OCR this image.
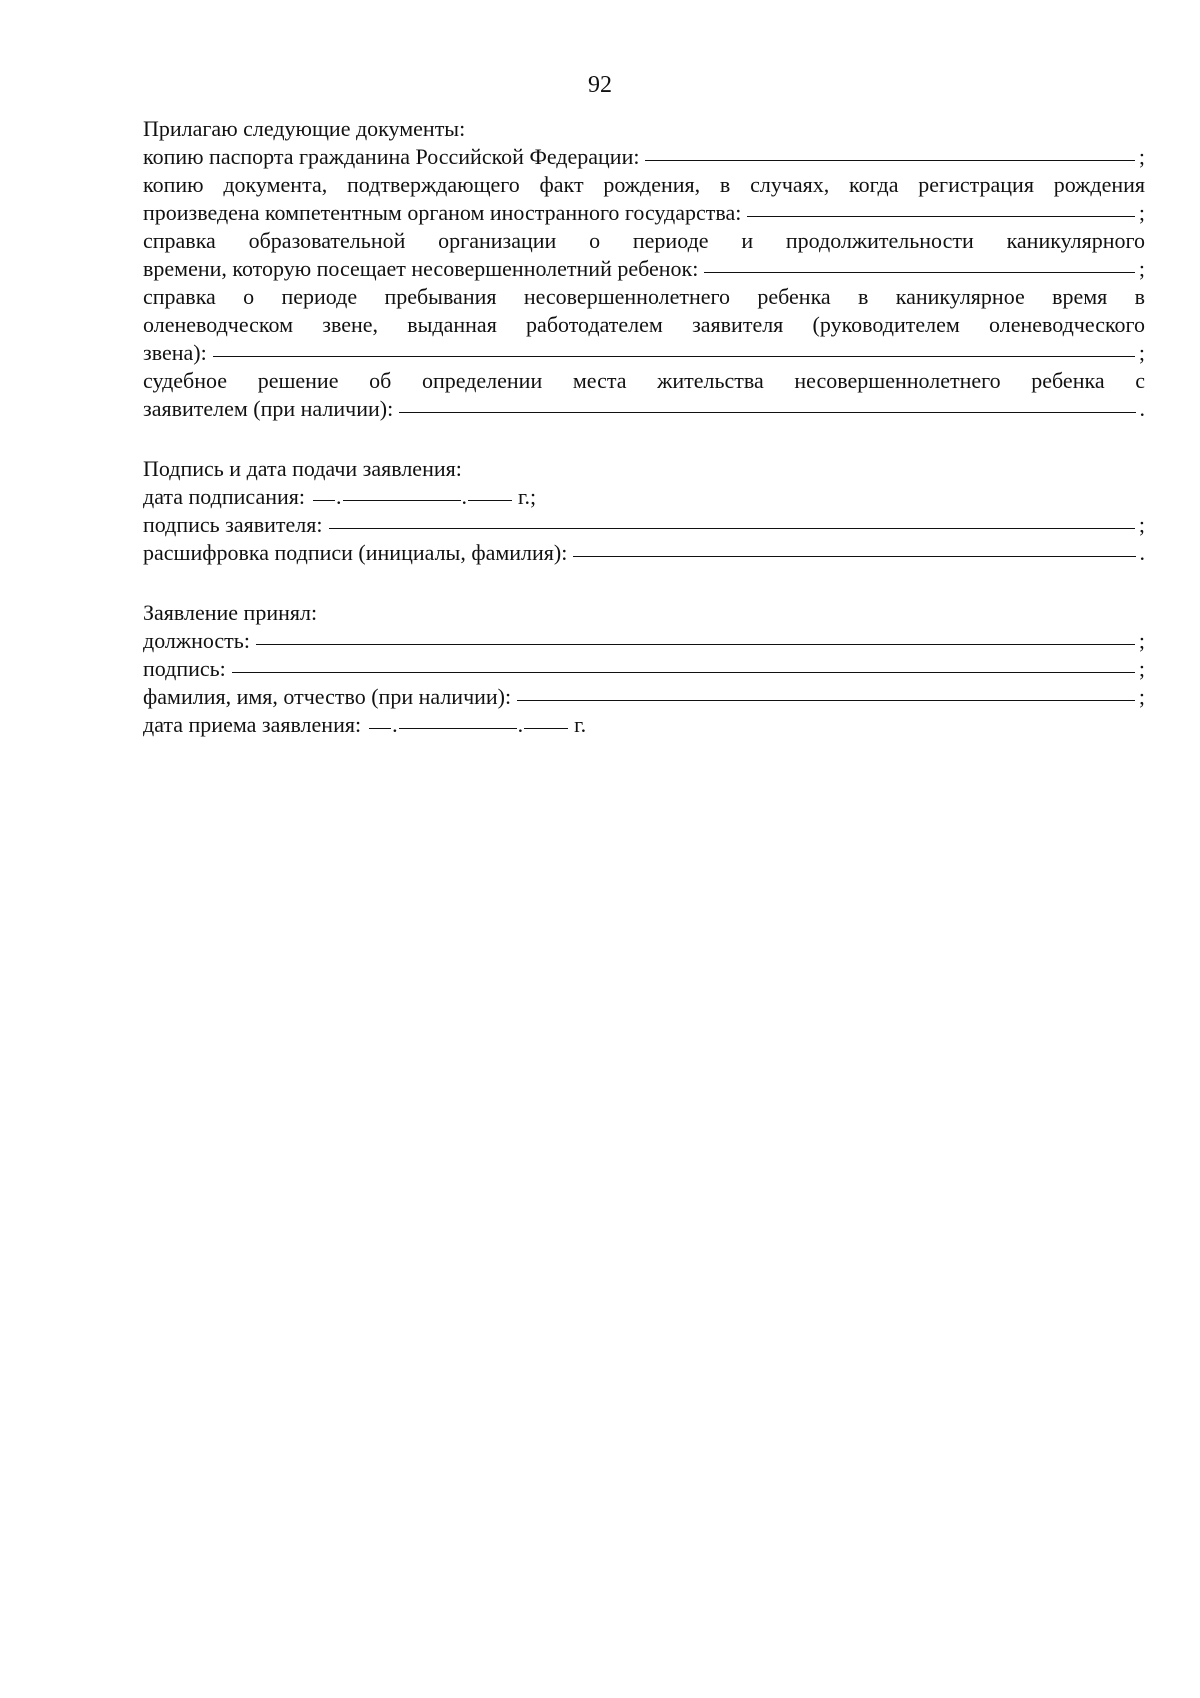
92
Прилагаю следующие документы:
копию паспорта гражданина Российской Федерации:	;
копию документа, подтверждающего факт рождения, в случаях, когда регистрация рождения
произведена компетентным органом иностранного государства:	;
справка образовательной организации о периоде и продолжительности каникулярного
времени, которую посещает несовершеннолетний ребенок:	;
справка о периоде пребывания несовершеннолетнего ребенка в каникулярное время в
оленеводческом звене, выданная работодателем заявителя (руководителем оленеводческого
звена):	;
судебное решение об определении места жительства несовершеннолетнего ребенка с
заявителем (при наличии):	.
Подпись и дата подачи заявления:
дата подписания: .	. г.;
подпись заявителя:	;
расшифровка подписи (инициалы, фамилия):	.
Заявление принял:
должность:	;
подпись:	;
фамилия, имя, отчество (при наличии):	;
дата приема заявления: .	. г.
